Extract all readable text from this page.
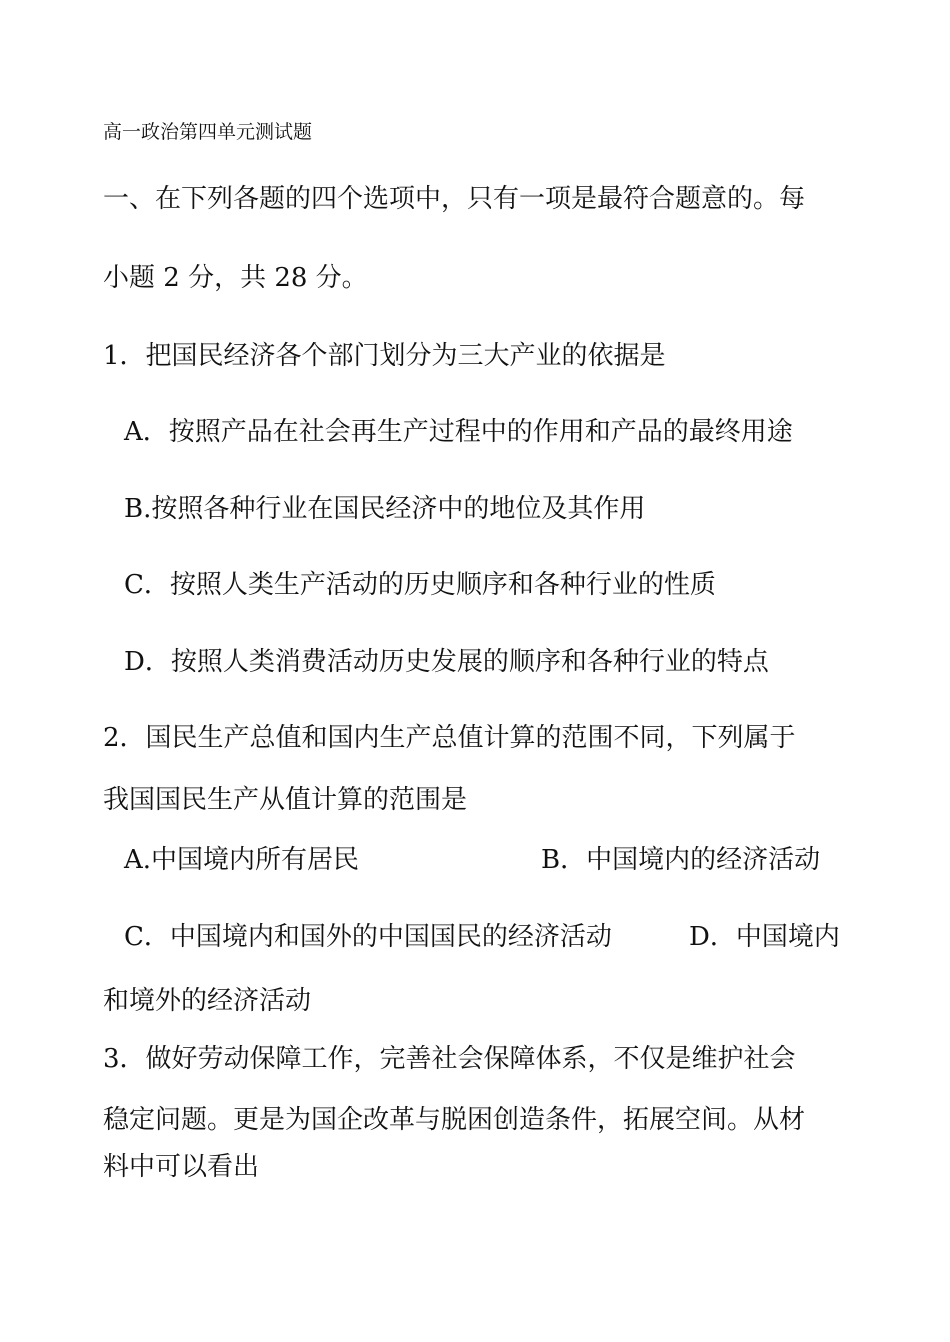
高一政治第四单元测试题
一、在下列各题的四个选项中，只有一项是最符合题意的。每
小题 2 分，共 28 分。
1．把国民经济各个部门划分为三大产业的依据是
A．按照产品在社会再生产过程中的作用和产品的最终用途
B.按照各种行业在国民经济中的地位及其作用
C．按照人类生产活动的历史顺序和各种行业的性质
D．按照人类消费活动历史发展的顺序和各种行业的特点
2．国民生产总值和国内生产总值计算的范围不同，下列属于
我国国民生产从值计算的范围是
A.中国境内所有居民	B．中国境内的经济活动
C．中国境内和国外的中国国民的经济活动	D．中国境内
和境外的经济活动
3．做好劳动保障工作，完善社会保障体系，不仅是维护社会
稳定问题。更是为国企改革与脱困创造条件，拓展空间。从材
料中可以看出
